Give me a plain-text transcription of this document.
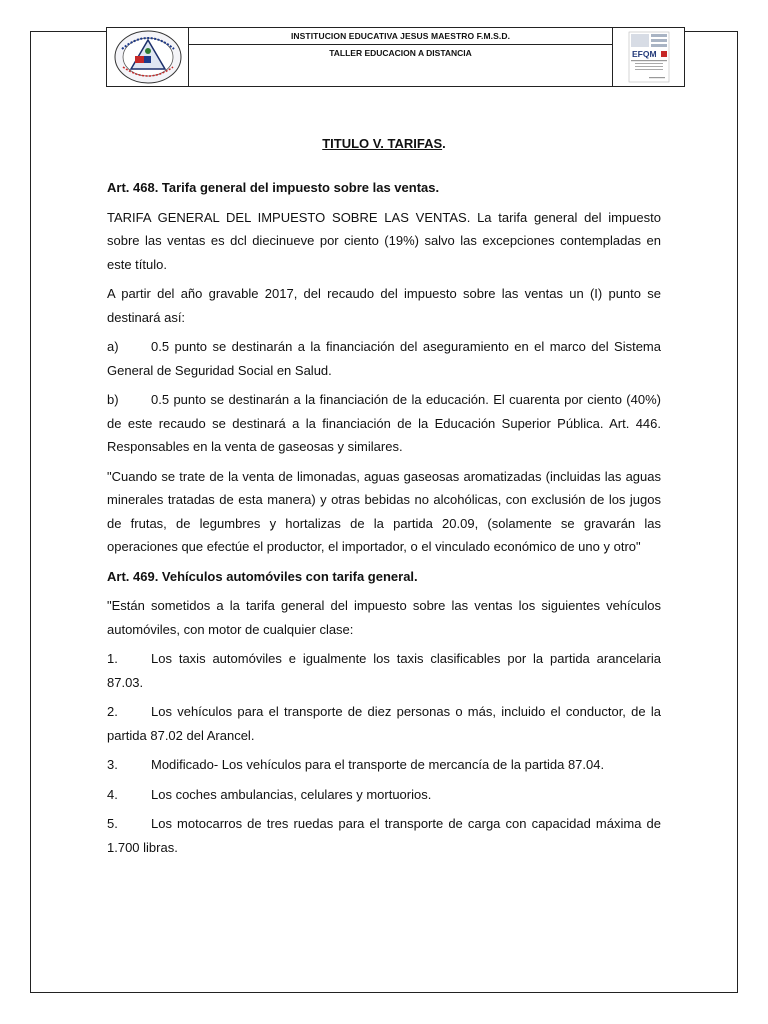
INSTITUCION EDUCATIVA JESUS MAESTRO F.M.S.D.
TALLER EDUCACION A DISTANCIA	EFQM
TITULO V. TARIFAS.
Art. 468. Tarifa general del impuesto sobre las ventas.

TARIFA GENERAL DEL IMPUESTO SOBRE LAS VENTAS. La tarifa general del impuesto sobre las ventas es dcl diecinueve por ciento (19%) salvo las excepciones contempladas en este título.

A partir del año gravable 2017, del recaudo del impuesto sobre las ventas un (I) punto se destinará así:

a) 0.5 punto se destinarán a la financiación del aseguramiento en el marco del Sistema General de Seguridad Social en Salud.
b) 0.5 punto se destinarán a la financiación de la educación. El cuarenta por ciento (40%) de este recaudo se destinará a la financiación de la Educación Superior Pública. Art. 446. Responsables en la venta de gaseosas y similares.

"Cuando se trate de la venta de limonadas, aguas gaseosas aromatizadas (incluidas las aguas minerales tratadas de esta manera) y otras bebidas no alcohólicas, con exclusión de los jugos de frutas, de legumbres y hortalizas de la partida 20.09, (solamente se gravarán las operaciones que efectúe el productor, el importador, o el vinculado económico de uno y otro"

Art. 469. Vehículos automóviles con tarifa general.

"Están sometidos a la tarifa general del impuesto sobre las ventas los siguientes vehículos automóviles, con motor de cualquier clase:

1.	Los taxis automóviles e igualmente los taxis clasificables por la partida arancelaria 87.03.
2.	Los vehículos para el transporte de diez personas o más, incluido el conductor, de la partida 87.02 del Arancel.
3.	Modificado- Los vehículos para el transporte de mercancía de la partida 87.04.
4.	Los coches ambulancias, celulares y mortuorios.
5.	Los motocarros de tres ruedas para el transporte de carga con capacidad máxima de 1.700 libras.
